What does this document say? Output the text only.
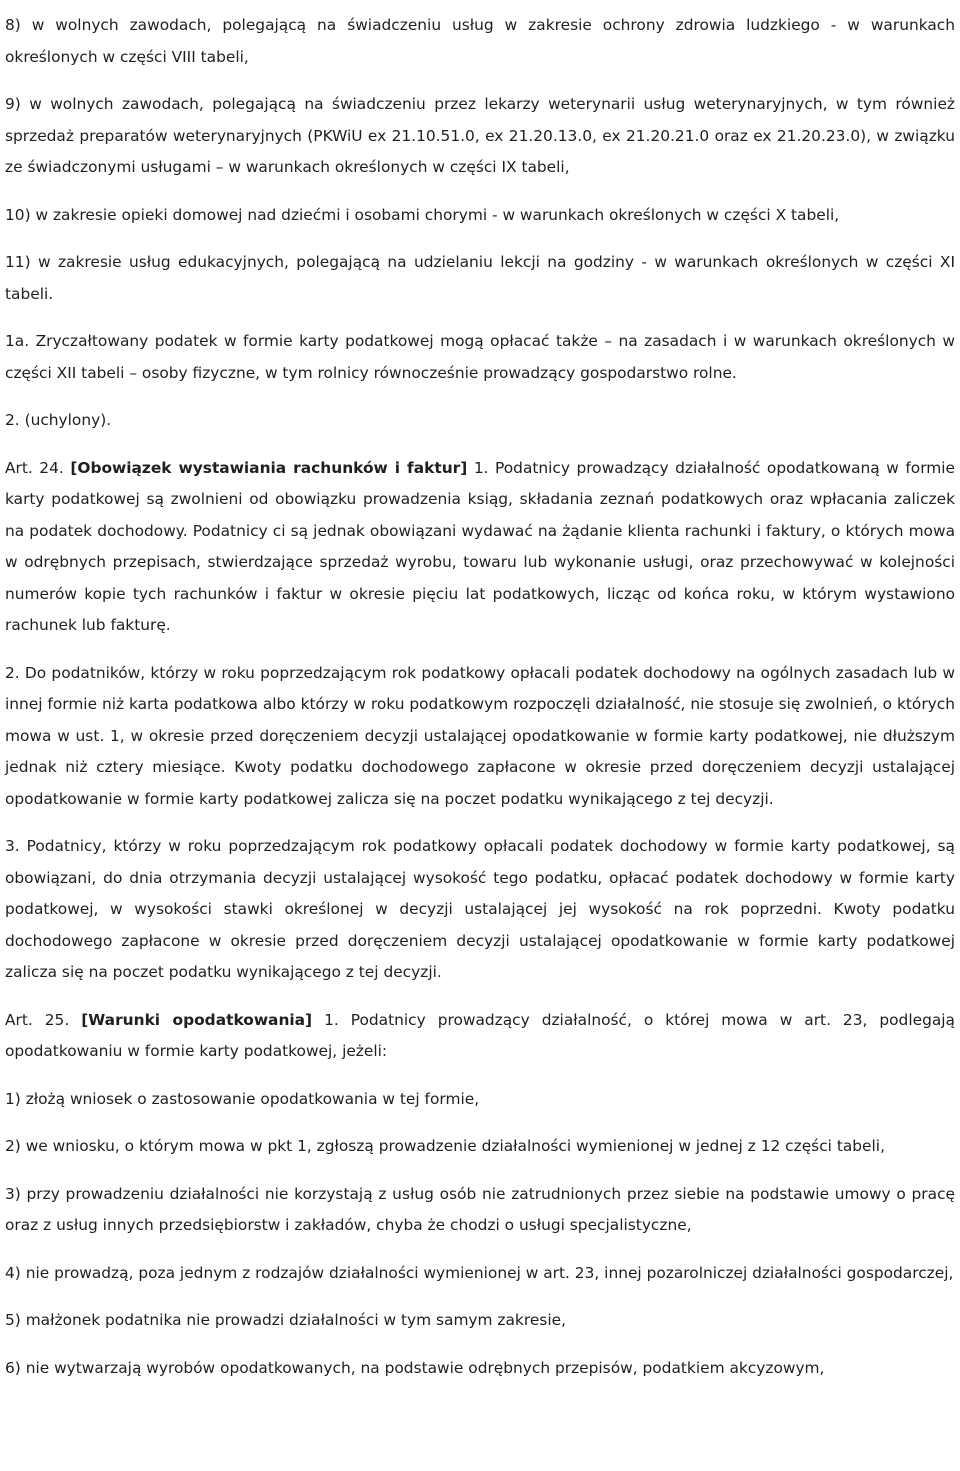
8) w wolnych zawodach, polegającą na świadczeniu usług w zakresie ochrony zdrowia ludzkiego - w warunkach określonych w części VIII tabeli,

9) w wolnych zawodach, polegającą na świadczeniu przez lekarzy weterynarii usług weterynaryjnych, w tym również sprzedaż preparatów weterynaryjnych (PKWiU ex 21.10.51.0, ex 21.20.13.0, ex 21.20.21.0 oraz ex 21.20.23.0), w związku ze świadczonymi usługami – w warunkach określonych w części IX tabeli,

10) w zakresie opieki domowej nad dziećmi i osobami chorymi - w warunkach określonych w części X tabeli,

11) w zakresie usług edukacyjnych, polegającą na udzielaniu lekcji na godziny - w warunkach określonych w części XI tabeli.

1a. Zryczałtowany podatek w formie karty podatkowej mogą opłacać także – na zasadach i w warunkach określonych w części XII tabeli – osoby fizyczne, w tym rolnicy równocześnie prowadzący gospodarstwo rolne.

2. (uchylony).

Art. 24. [Obowiązek wystawiania rachunków i faktur] 1. Podatnicy prowadzący działalność opodatkowaną w formie karty podatkowej są zwolnieni od obowiązku prowadzenia ksiąg, składania zeznań podatkowych oraz wpłacania zaliczek na podatek dochodowy. Podatnicy ci są jednak obowiązani wydawać na żądanie klienta rachunki i faktury, o których mowa w odrębnych przepisach, stwierdzające sprzedaż wyrobu, towaru lub wykonanie usługi, oraz przechowywać w kolejności numerów kopie tych rachunków i faktur w okresie pięciu lat podatkowych, licząc od końca roku, w którym wystawiono rachunek lub fakturę.

2. Do podatników, którzy w roku poprzedzającym rok podatkowy opłacali podatek dochodowy na ogólnych zasadach lub w innej formie niż karta podatkowa albo którzy w roku podatkowym rozpoczęli działalność, nie stosuje się zwolnień, o których mowa w ust. 1, w okresie przed doręczeniem decyzji ustalającej opodatkowanie w formie karty podatkowej, nie dłuższym jednak niż cztery miesiące. Kwoty podatku dochodowego zapłacone w okresie przed doręczeniem decyzji ustalającej opodatkowanie w formie karty podatkowej zalicza się na poczet podatku wynikającego z tej decyzji.

3. Podatnicy, którzy w roku poprzedzającym rok podatkowy opłacali podatek dochodowy w formie karty podatkowej, są obowiązani, do dnia otrzymania decyzji ustalającej wysokość tego podatku, opłacać podatek dochodowy w formie karty podatkowej, w wysokości stawki określonej w decyzji ustalającej jej wysokość na rok poprzedni. Kwoty podatku dochodowego zapłacone w okresie przed doręczeniem decyzji ustalającej opodatkowanie w formie karty podatkowej zalicza się na poczet podatku wynikającego z tej decyzji.

Art. 25. [Warunki opodatkowania] 1. Podatnicy prowadzący działalność, o której mowa w art. 23, podlegają opodatkowaniu w formie karty podatkowej, jeżeli:

1) złożą wniosek o zastosowanie opodatkowania w tej formie,

2) we wniosku, o którym mowa w pkt 1, zgłoszą prowadzenie działalności wymienionej w jednej z 12 części tabeli,

3) przy prowadzeniu działalności nie korzystają z usług osób nie zatrudnionych przez siebie na podstawie umowy o pracę oraz z usług innych przedsiębiorstw i zakładów, chyba że chodzi o usługi specjalistyczne,

4) nie prowadzą, poza jednym z rodzajów działalności wymienionej w art. 23, innej pozarolniczej działalności gospodarczej,

5) małżonek podatnika nie prowadzi działalności w tym samym zakresie,

6) nie wytwarzają wyrobów opodatkowanych, na podstawie odrębnych przepisów, podatkiem akcyzowym,
